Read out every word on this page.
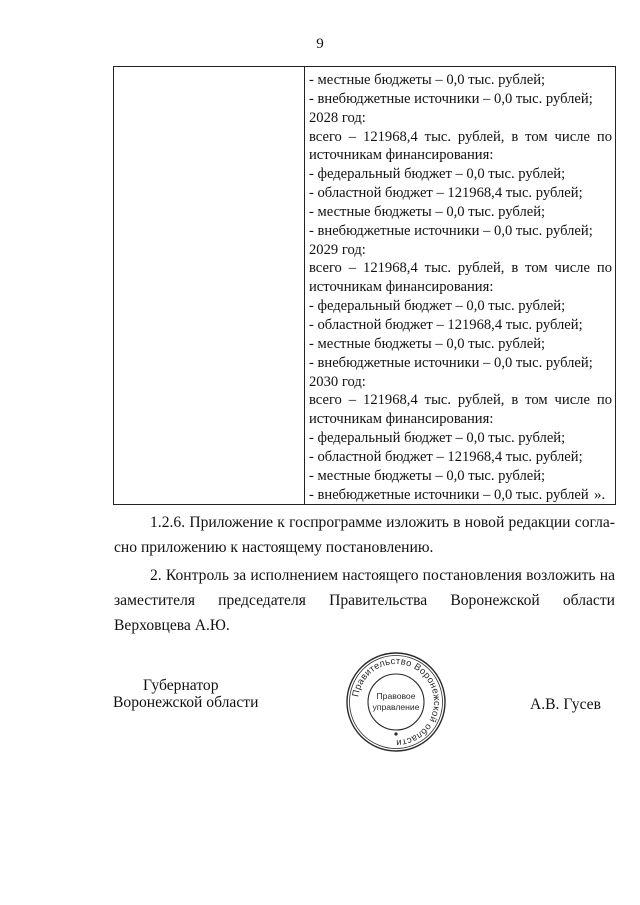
9

- местные бюджеты – 0,0 тыс. рублей;
- внебюджетные источники – 0,0 тыс. рублей;
2028 год:
всего – 121968,4 тыс. рублей, в том числе по
источникам финансирования:
- федеральный бюджет – 0,0 тыс. рублей;
- областной бюджет – 121968,4 тыс. рублей;
- местные бюджеты – 0,0 тыс. рублей;
- внебюджетные источники – 0,0 тыс. рублей;
2029 год:
всего – 121968,4 тыс. рублей, в том числе по
источникам финансирования:
- федеральный бюджет – 0,0 тыс. рублей;
- областной бюджет – 121968,4 тыс. рублей;
- местные бюджеты – 0,0 тыс. рублей;
- внебюджетные источники – 0,0 тыс. рублей;
2030 год:
всего – 121968,4 тыс. рублей, в том числе по
источникам финансирования:
- федеральный бюджет – 0,0 тыс. рублей;
- областной бюджет – 121968,4 тыс. рублей;
- местные бюджеты – 0,0 тыс. рублей;
- внебюджетные источники – 0,0 тыс. рублей ».
1.2.6. Приложение к госпрограмме изложить в новой редакции согла-
сно приложению к настоящему постановлению.
2. Контроль за исполнением настоящего постановления возложить на
заместителя председателя Правительства Воронежской области
Верховцева А.Ю.
Губернатор
Воронежской области	А.В. Гусев
Правительство Воронежской области
Правовое
управление
